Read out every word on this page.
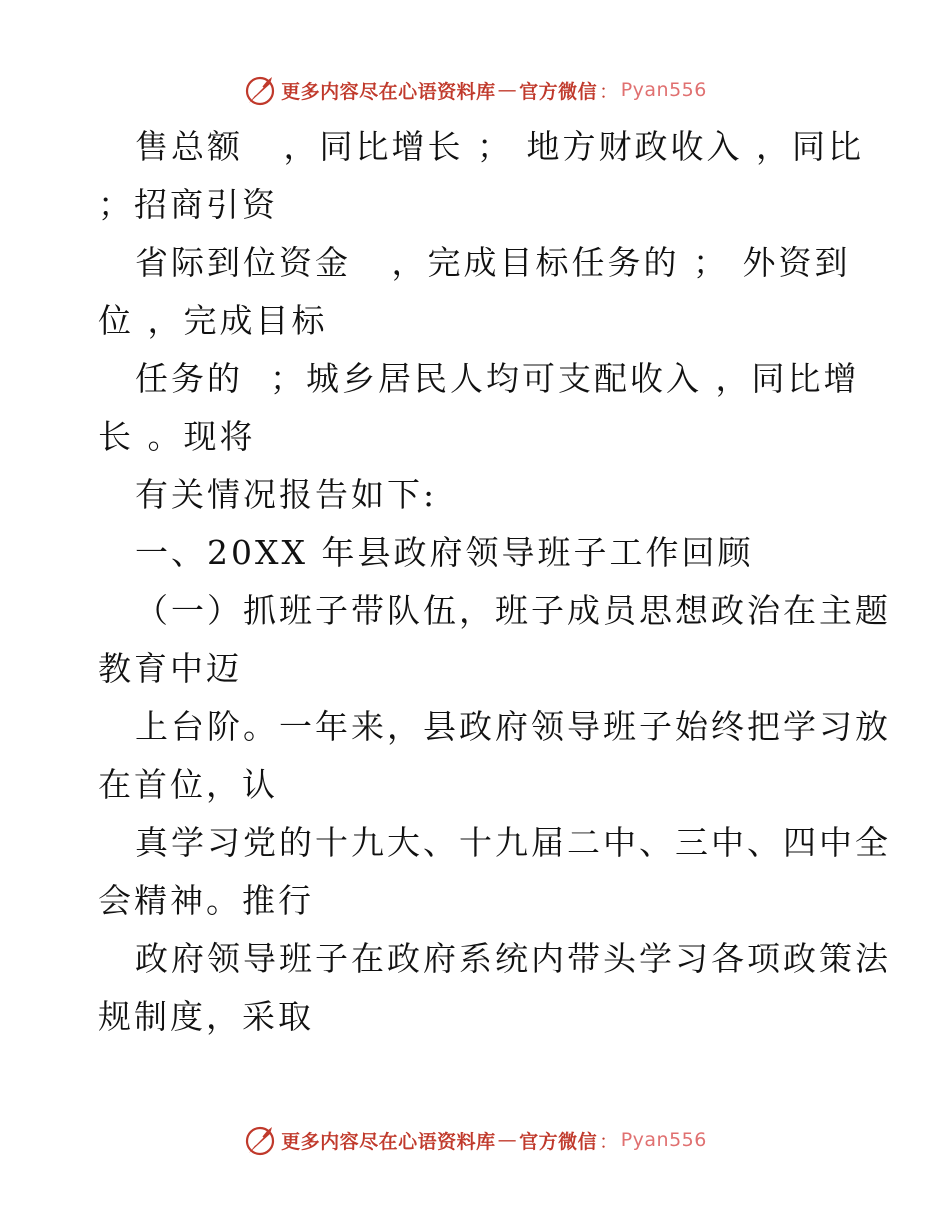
更多内容尽在心语资料库 — 官方微信 ： Pyan556
售总额   ，同比增长 ； 地方财政收入 ，同比
；招商引资
省际到位资金   ，完成目标任务的 ； 外资到
位 ，完成目标
任务的  ；城乡居民人均可支配收入 ，同比增
长 。现将
有关情况报告如下:
一、20XX 年县政府领导班子工作回顾
（一）抓班子带队伍，班子成员思想政治在主题
教育中迈
上台阶。一年来，县政府领导班子始终把学习放
在首位，认
真学习党的十九大、十九届二中、三中、四中全
会精神。推行
政府领导班子在政府系统内带头学习各项政策法
规制度，采取
更多内容尽在心语资料库 — 官方微信 ： Pyan556
